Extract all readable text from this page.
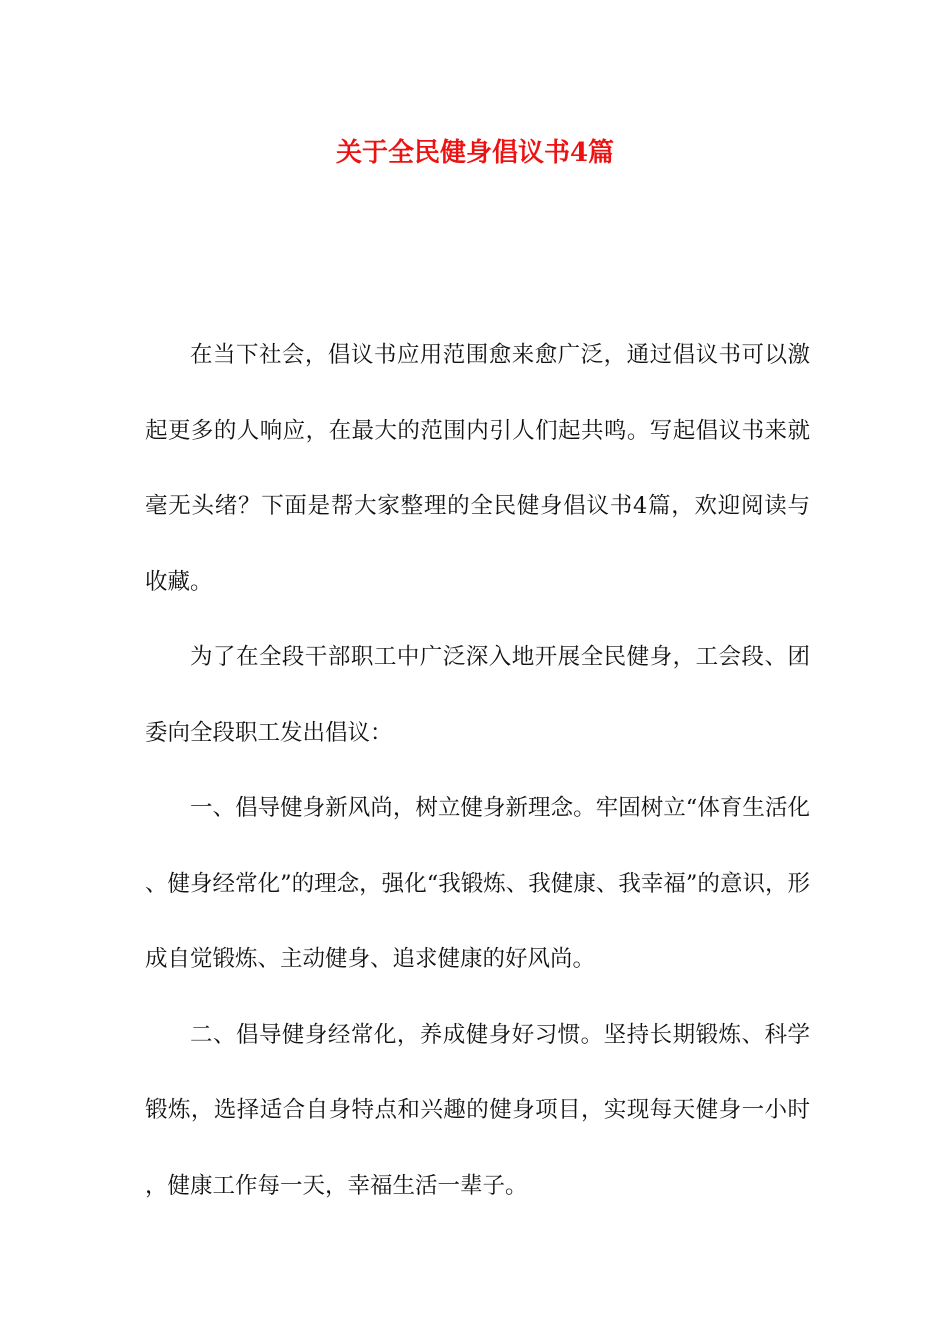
关于全民健身倡议书4篇

在当下社会，倡议书应用范围愈来愈广泛，通过倡议书可以激起更多的人响应，在最大的范围内引人们起共鸣。写起倡议书来就毫无头绪？下面是帮大家整理的全民健身倡议书4篇，欢迎阅读与收藏。

为了在全段干部职工中广泛深入地开展全民健身，工会段、团委向全段职工发出倡议：

一、倡导健身新风尚，树立健身新理念。牢固树立“体育生活化、健身经常化”的理念，强化“我锻炼、我健康、我幸福”的意识，形成自觉锻炼、主动健身、追求健康的好风尚。

二、倡导健身经常化，养成健身好习惯。坚持长期锻炼、科学锻炼，选择适合自身特点和兴趣的健身项目，实现每天健身一小时，健康工作每一天，幸福生活一辈子。
